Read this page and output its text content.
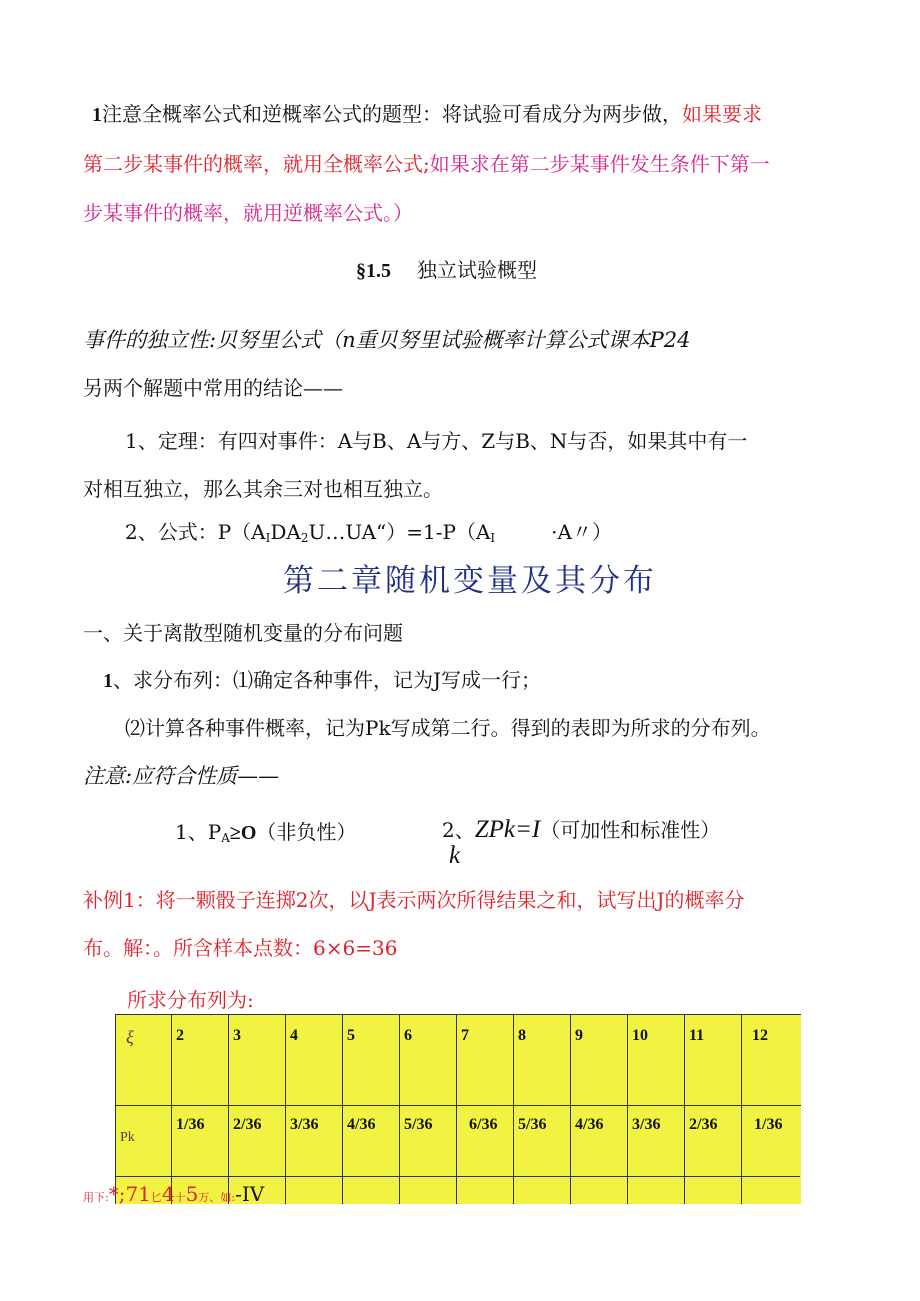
1注意全概率公式和逆概率公式的题型：将试验可看成分为两步做，如果要求
第二步某事件的概率，就用全概率公式;如果求在第二步某事件发生条件下第一
步某事件的概率，就用逆概率公式。）
§1.5 独立试验概型
事件的独立性:贝努里公式（n重贝努里试验概率计算公式课本P24
另两个解题中常用的结论——
1、定理：有四对事件：A与B、A与方、Z与B、N与否，如果其中有一
对相互独立，那么其余三对也相互独立。
2、公式：$P(A_IDA_2U\dots UA“)=1-P(A_I$	·A〃）
第二章随机变量及其分布
一、关于离散型随机变量的分布问题
1、求分布列：⑴确定各种事件，记为J写成一行；
⑵计算各种事件概率，记为Pk写成第二行。得到的表即为所求的分布列。
注意:应符合性质——
1、$P_A\ge O$（非负性）	2、ZPk=I（可加性和标准性）
k
补例1：将一颗骰子连掷2次，以J表示两次所得结果之和，试写出J的概率分
布。解：。所含样本点数：6×6=36
所求分布列为:
ξ	2	3	4	5	6	7	8	9	10	11	12
Pk	1/36	2/36	3/36	4/36	5/36	6/36	5/36	4/36	3/36	2/36	1/36
用下:*;71匕4十5万、如:-IV
